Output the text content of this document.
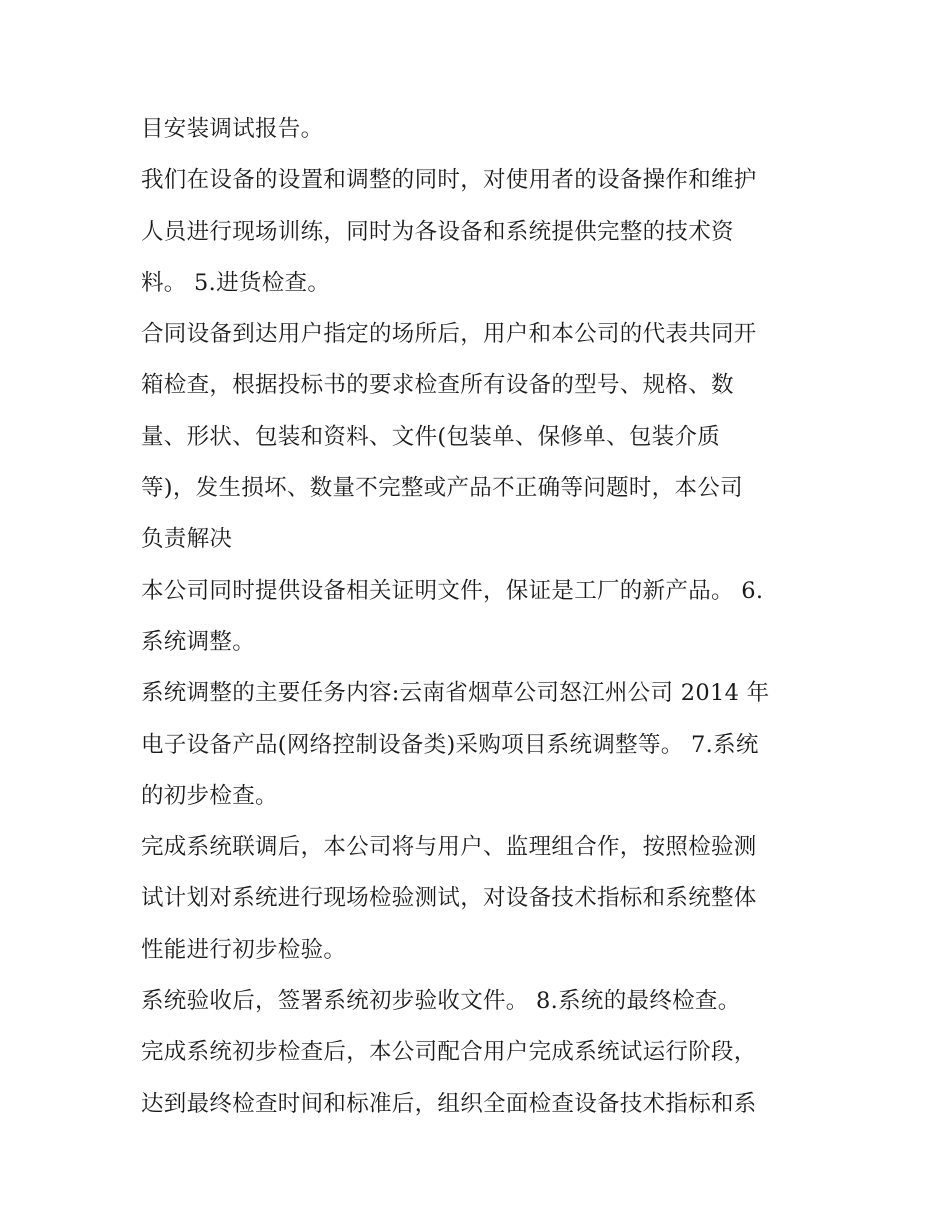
目安装调试报告。
我们在设备的设置和调整的同时，对使用者的设备操作和维护
人员进行现场训练，同时为各设备和系统提供完整的技术资
料。 5.进货检查。
合同设备到达用户指定的场所后，用户和本公司的代表共同开
箱检查，根据投标书的要求检查所有设备的型号、规格、数
量、形状、包装和资料、文件(包装单、保修单、包装介质
等)，发生损坏、数量不完整或产品不正确等问题时，本公司
负责解决
本公司同时提供设备相关证明文件，保证是工厂的新产品。 6.
系统调整。
系统调整的主要任务内容:云南省烟草公司怒江州公司 2014 年
电子设备产品(网络控制设备类)采购项目系统调整等。 7.系统
的初步检查。
完成系统联调后，本公司将与用户、监理组合作，按照检验测
试计划对系统进行现场检验测试，对设备技术指标和系统整体
性能进行初步检验。
系统验收后，签署系统初步验收文件。 8.系统的最终检查。
完成系统初步检查后，本公司配合用户完成系统试运行阶段，
达到最终检查时间和标准后，组织全面检查设备技术指标和系
